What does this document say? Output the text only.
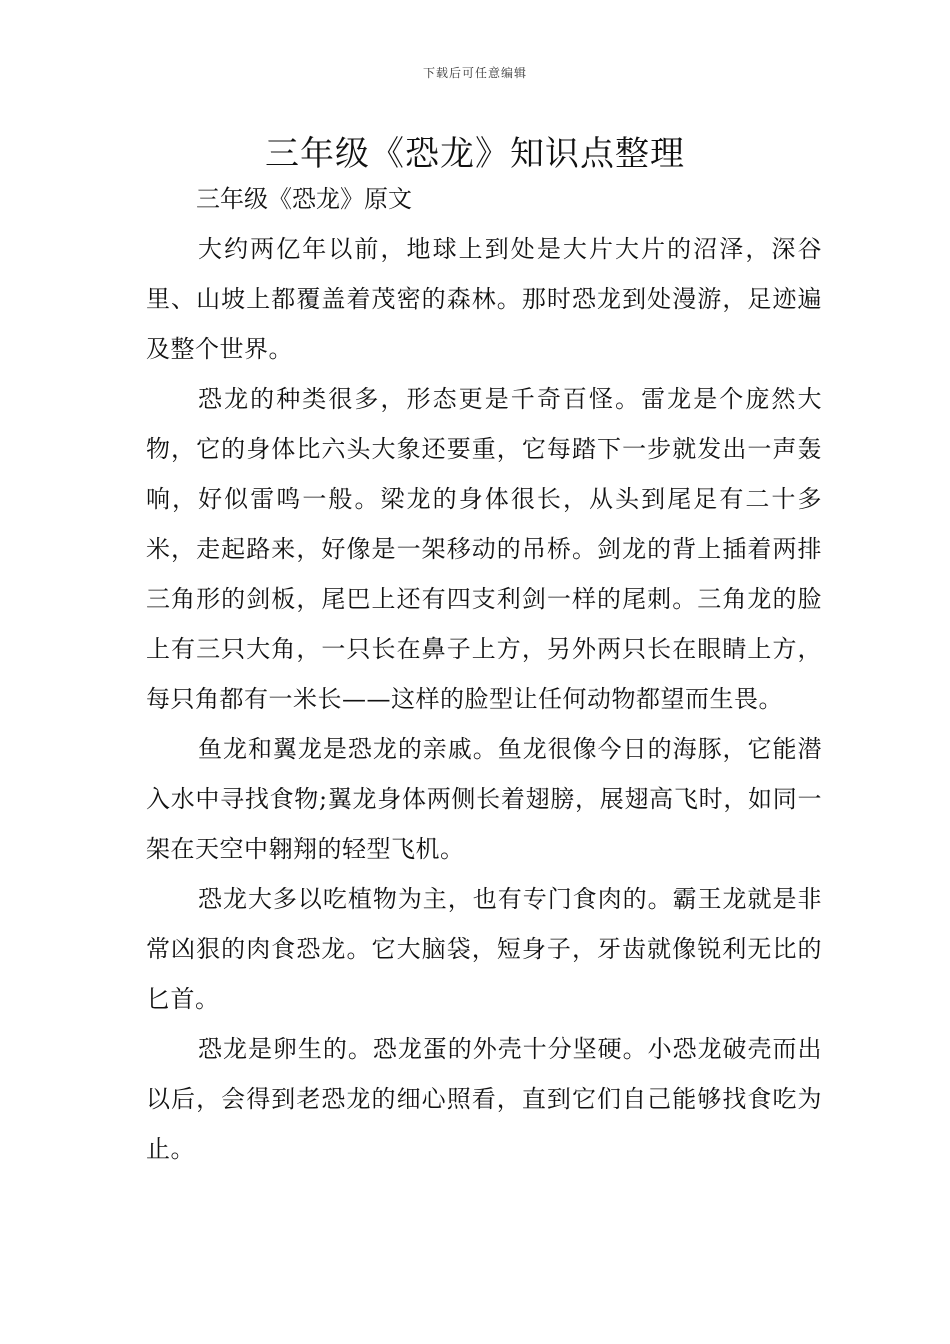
下载后可任意编辑
三年级《恐龙》知识点整理

三年级《恐龙》原文

大约两亿年以前，地球上到处是大片大片的沼泽，深谷里、山坡上都覆盖着茂密的森林。那时恐龙到处漫游，足迹遍及整个世界。

恐龙的种类很多，形态更是千奇百怪。雷龙是个庞然大物，它的身体比六头大象还要重，它每踏下一步就发出一声轰响，好似雷鸣一般。梁龙的身体很长，从头到尾足有二十多米，走起路来，好像是一架移动的吊桥。剑龙的背上插着两排三角形的剑板，尾巴上还有四支利剑一样的尾刺。三角龙的脸上有三只大角，一只长在鼻子上方，另外两只长在眼睛上方，每只角都有一米长——这样的脸型让任何动物都望而生畏。

鱼龙和翼龙是恐龙的亲戚。鱼龙很像今日的海豚，它能潜入水中寻找食物;翼龙身体两侧长着翅膀，展翅高飞时，如同一架在天空中翱翔的轻型飞机。

恐龙大多以吃植物为主，也有专门食肉的。霸王龙就是非常凶狠的肉食恐龙。它大脑袋，短身子，牙齿就像锐利无比的匕首。

恐龙是卵生的。恐龙蛋的外壳十分坚硬。小恐龙破壳而出以后，会得到老恐龙的细心照看，直到它们自己能够找食吃为止。
